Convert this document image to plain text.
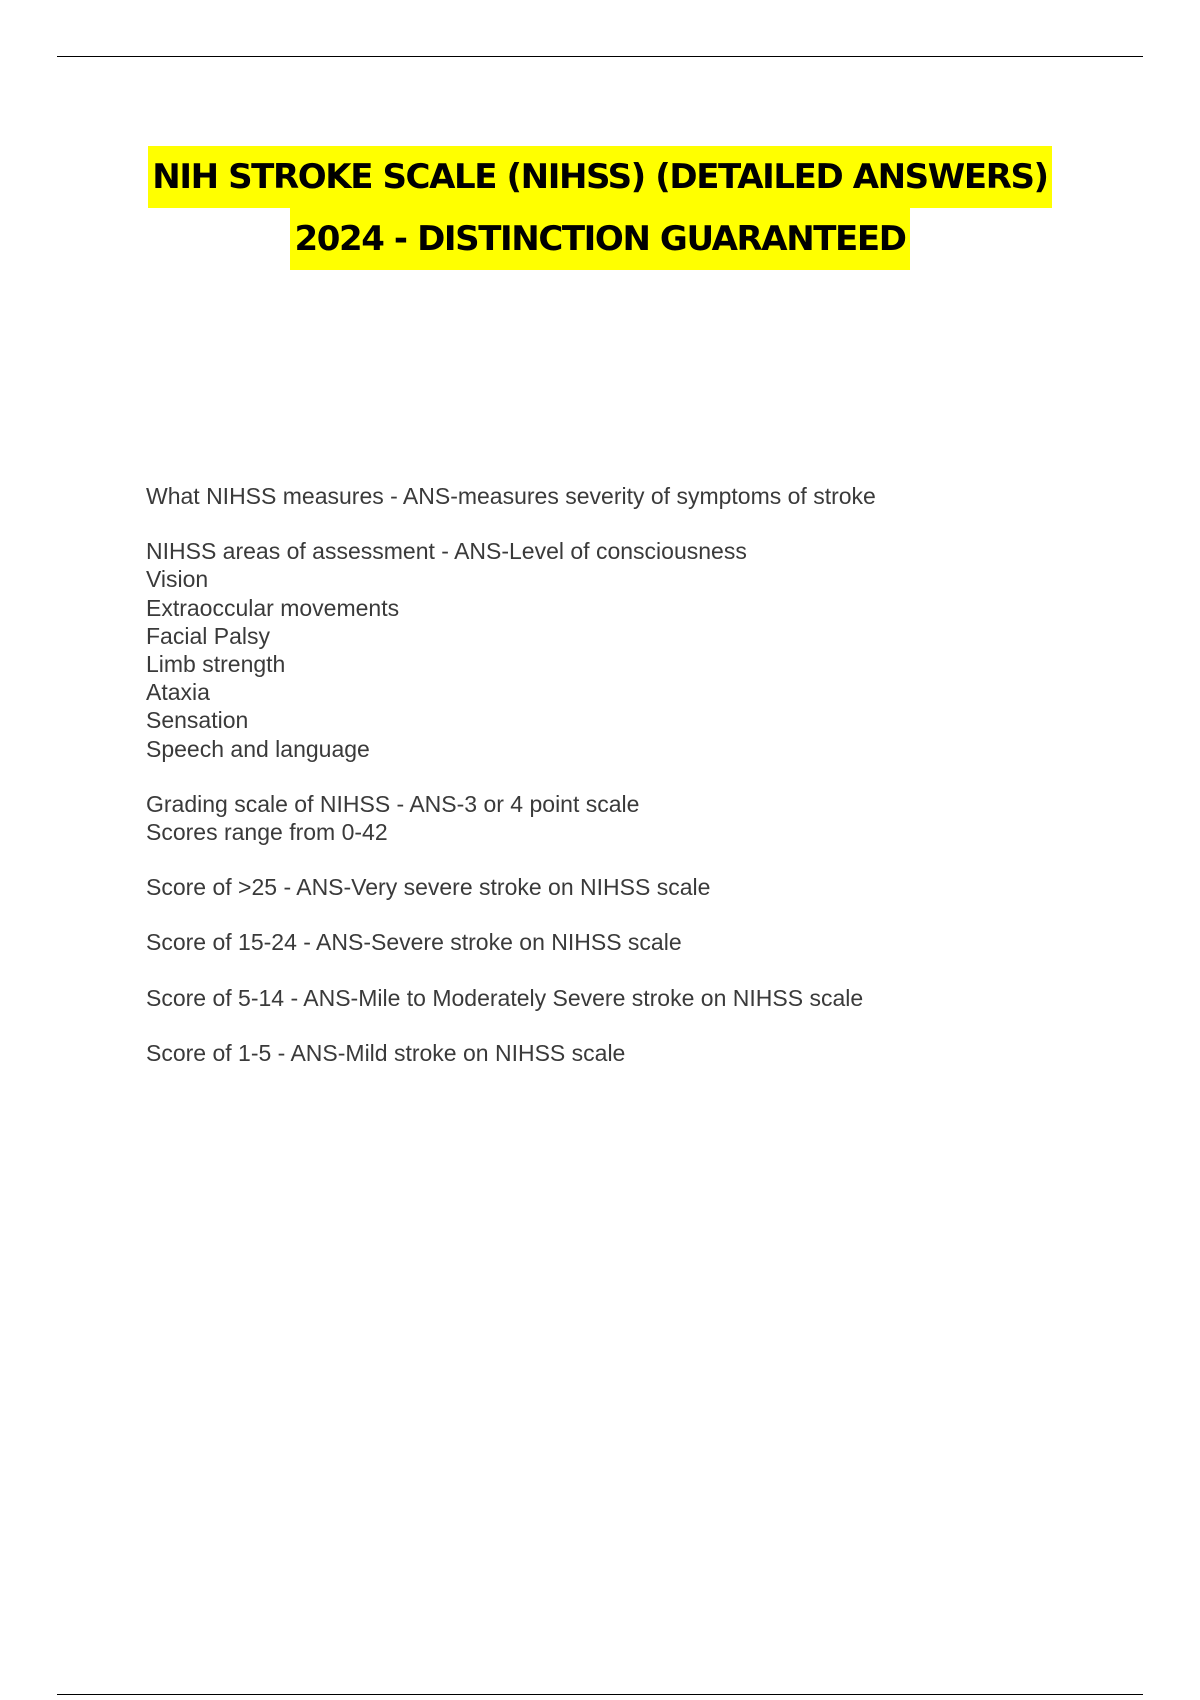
NIH STROKE SCALE (NIHSS) (DETAILED ANSWERS)
2024 - DISTINCTION GUARANTEED
What NIHSS measures - ANS-measures severity of symptoms of stroke
NIHSS areas of assessment - ANS-Level of consciousness
Vision
Extraoccular movements
Facial Palsy
Limb strength
Ataxia
Sensation
Speech and language
Grading scale of NIHSS - ANS-3 or 4 point scale
Scores range from 0-42
Score of >25 - ANS-Very severe stroke on NIHSS scale
Score of 15-24 - ANS-Severe stroke on NIHSS scale
Score of 5-14 - ANS-Mile to Moderately Severe stroke on NIHSS scale
Score of 1-5 - ANS-Mild stroke on NIHSS scale
